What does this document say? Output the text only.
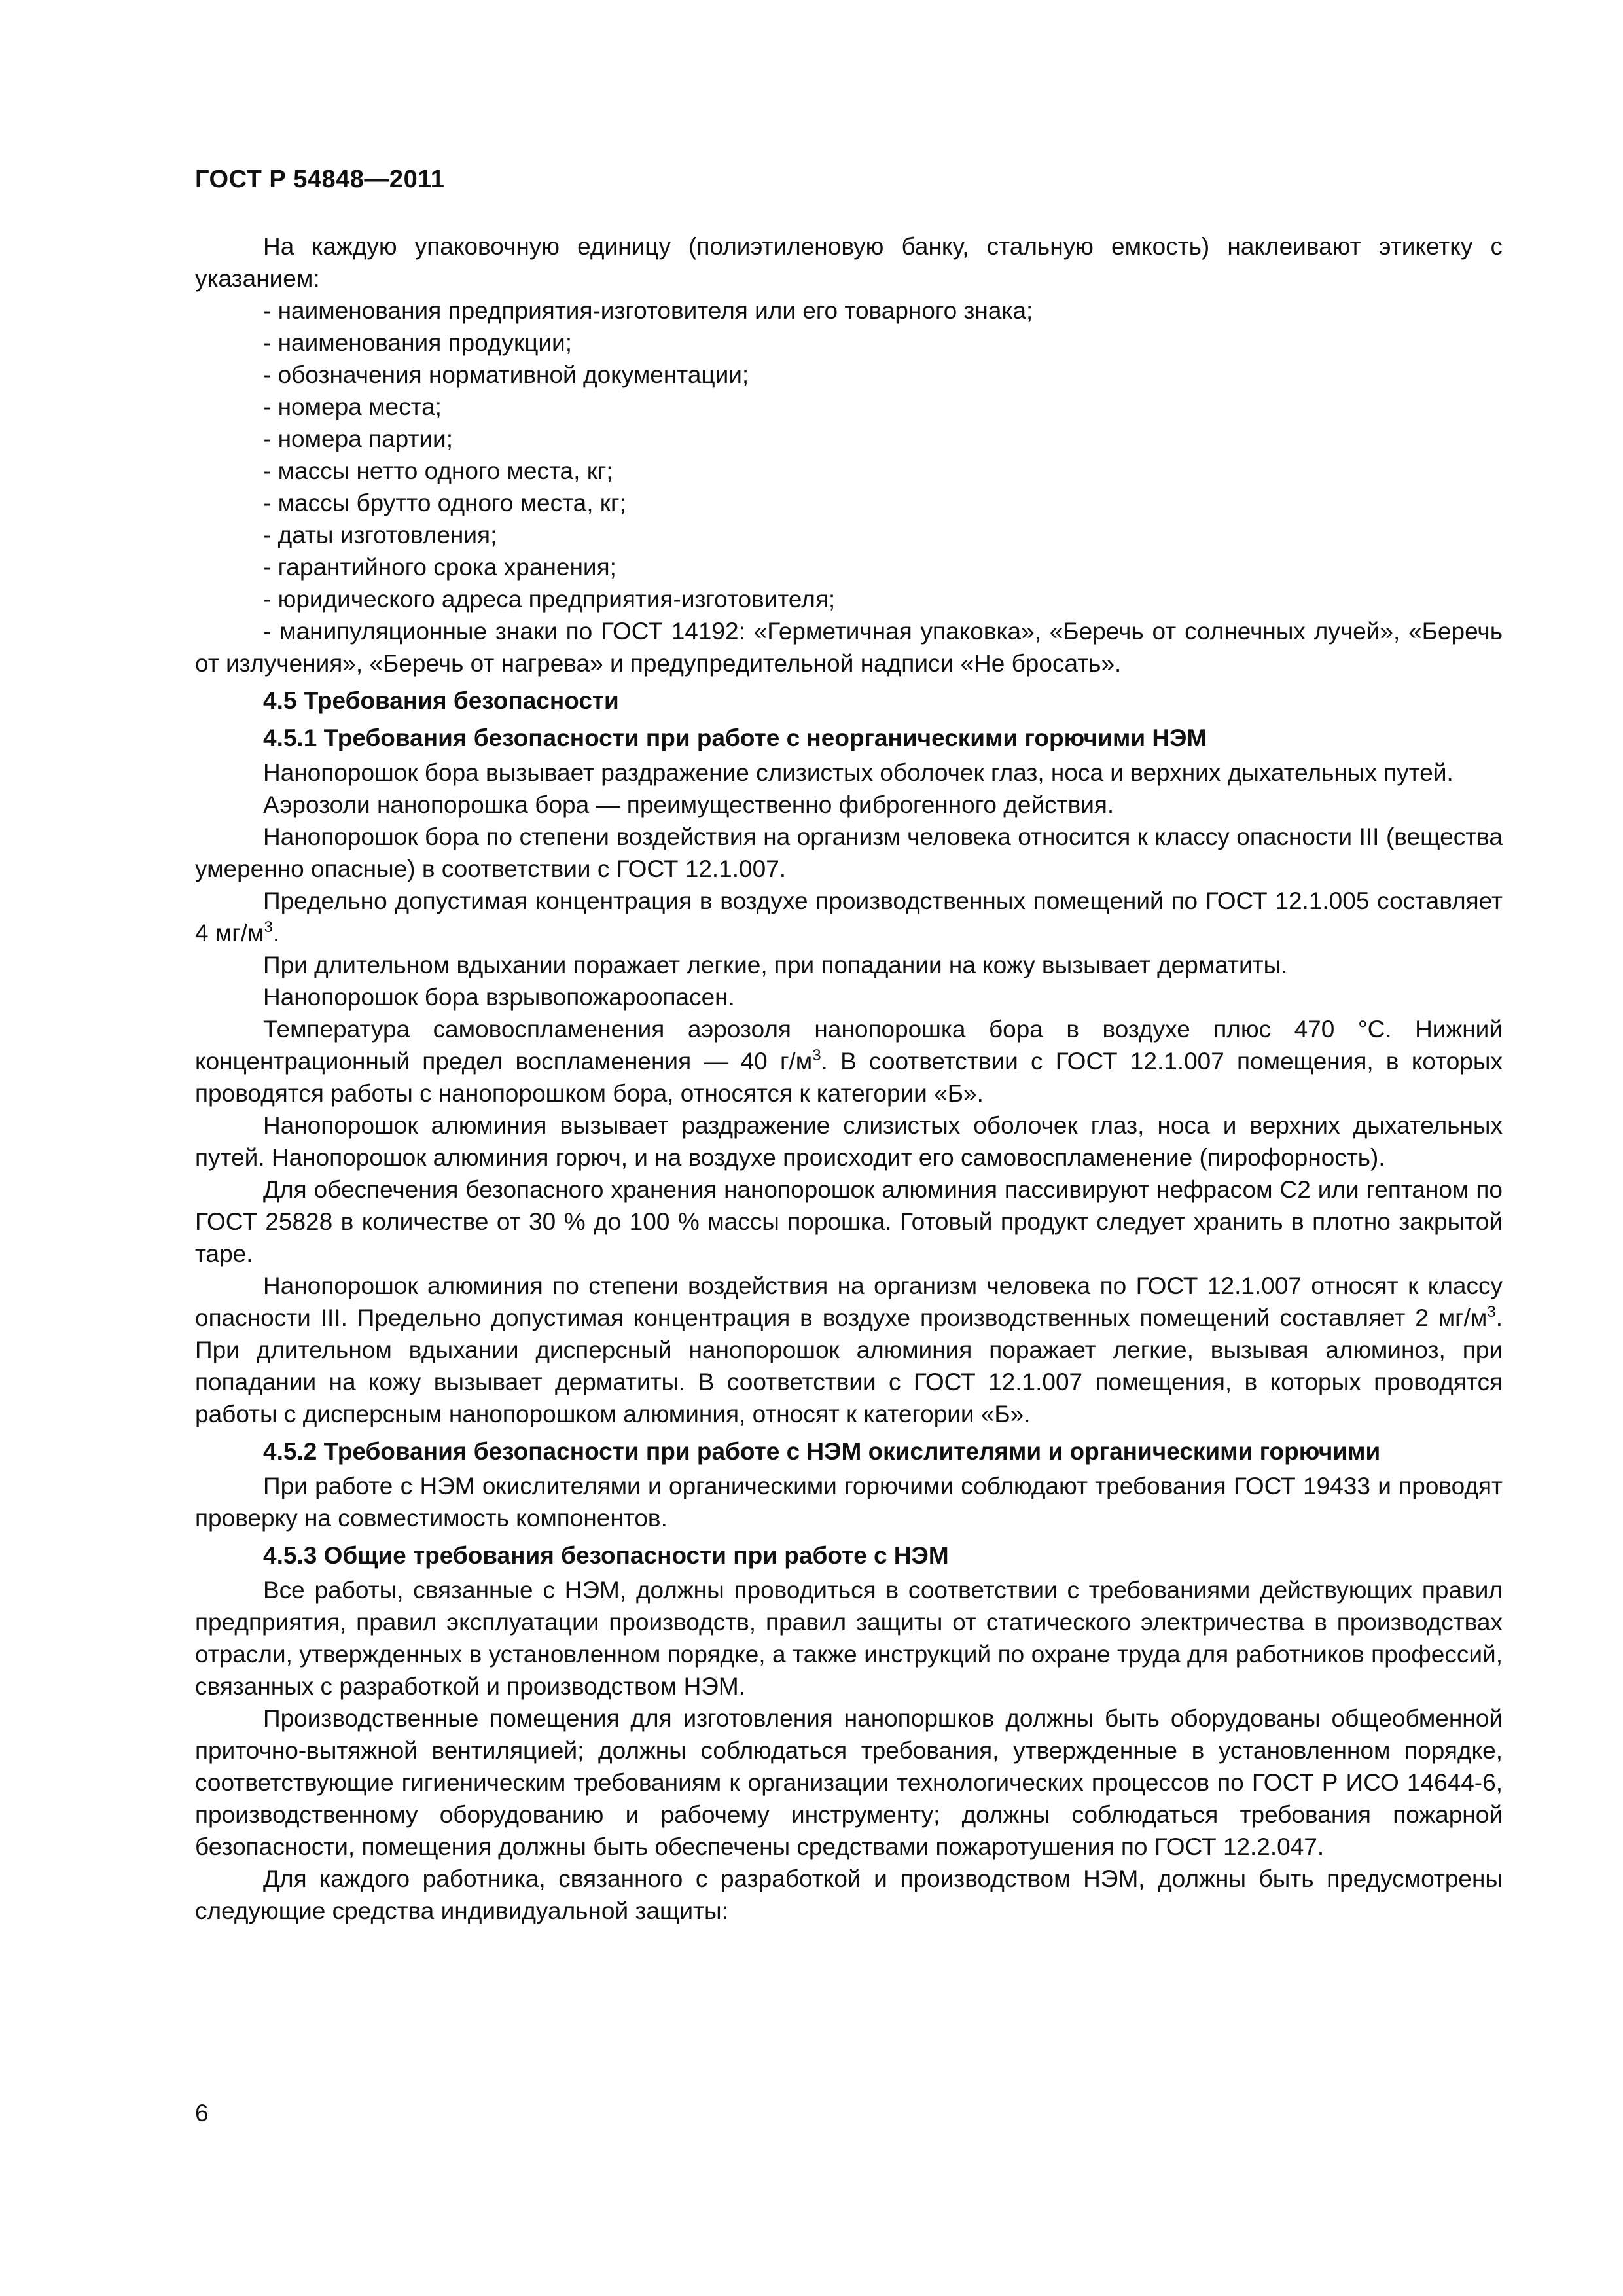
ГОСТ Р 54848—2011

На каждую упаковочную единицу (полиэтиленовую банку, стальную емкость) наклеивают этикетку с указанием:

- наименования предприятия-изготовителя или его товарного знака;
- наименования продукции;
- обозначения нормативной документации;
- номера места;
- номера партии;
- массы нетто одного места, кг;
- массы брутто одного места, кг;
- даты изготовления;
- гарантийного срока хранения;
- юридического адреса предприятия-изготовителя;
- манипуляционные знаки по ГОСТ 14192: «Герметичная упаковка», «Беречь от солнечных лучей», «Беречь от излучения», «Беречь от нагрева» и предупредительной надписи «Не бросать».

4.5 Требования безопасности

4.5.1 Требования безопасности при работе с неорганическими горючими НЭМ

Нанопорошок бора вызывает раздражение слизистых оболочек глаз, носа и верхних дыхательных путей.

Аэрозоли нанопорошка бора — преимущественно фиброгенного действия.

Нанопорошок бора по степени воздействия на организм человека относится к классу опасности III (вещества умеренно опасные) в соответствии с ГОСТ 12.1.007.

Предельно допустимая концентрация в воздухе производственных помещений по ГОСТ 12.1.005 составляет 4 $мг/м^3$.

При длительном вдыхании поражает легкие, при попадании на кожу вызывает дерматиты.

Нанопорошок бора взрывопожароопасен.

Температура самовоспламенения аэрозоля нанопорошка бора в воздухе плюс 470 °С. Нижний концентрационный предел воспламенения — 40 $г/м^3$. В соответствии с ГОСТ 12.1.007 помещения, в которых проводятся работы с нанопорошком бора, относятся к категории «Б».

Нанопорошок алюминия вызывает раздражение слизистых оболочек глаз, носа и верхних дыхательных путей. Нанопорошок алюминия горюч, и на воздухе происходит его самовоспламенение (пирофорность).

Для обеспечения безопасного хранения нанопорошок алюминия пассивируют нефрасом С2 или гептаном по ГОСТ 25828 в количестве от 30 % до 100 % массы порошка. Готовый продукт следует хранить в плотно закрытой таре.

Нанопорошок алюминия по степени воздействия на организм человека по ГОСТ 12.1.007 относят к классу опасности III. Предельно допустимая концентрация в воздухе производственных помещений составляет 2 $мг/м^3$. При длительном вдыхании дисперсный нанопорошок алюминия поражает легкие, вызывая алюминоз, при попадании на кожу вызывает дерматиты. В соответствии с ГОСТ 12.1.007 помещения, в которых проводятся работы с дисперсным нанопорошком алюминия, относят к категории «Б».

4.5.2 Требования безопасности при работе с НЭМ окислителями и органическими горючими

При работе с НЭМ окислителями и органическими горючими соблюдают требования ГОСТ 19433 и проводят проверку на совместимость компонентов.

4.5.3 Общие требования безопасности при работе с НЭМ

Все работы, связанные с НЭМ, должны проводиться в соответствии с требованиями действующих правил предприятия, правил эксплуатации производств, правил защиты от статического электричества в производствах отрасли, утвержденных в установленном порядке, а также инструкций по охране труда для работников профессий, связанных с разработкой и производством НЭМ.

Производственные помещения для изготовления нанопоршков должны быть оборудованы общеобменной приточно-вытяжной вентиляцией; должны соблюдаться требования, утвержденные в установленном порядке, соответствующие гигиеническим требованиям к организации технологических процессов по ГОСТ Р ИСО 14644-6, производственному оборудованию и рабочему инструменту; должны соблюдаться требования пожарной безопасности, помещения должны быть обеспечены средствами пожаротушения по ГОСТ 12.2.047.

Для каждого работника, связанного с разработкой и производством НЭМ, должны быть предусмотрены следующие средства индивидуальной защиты:

6
